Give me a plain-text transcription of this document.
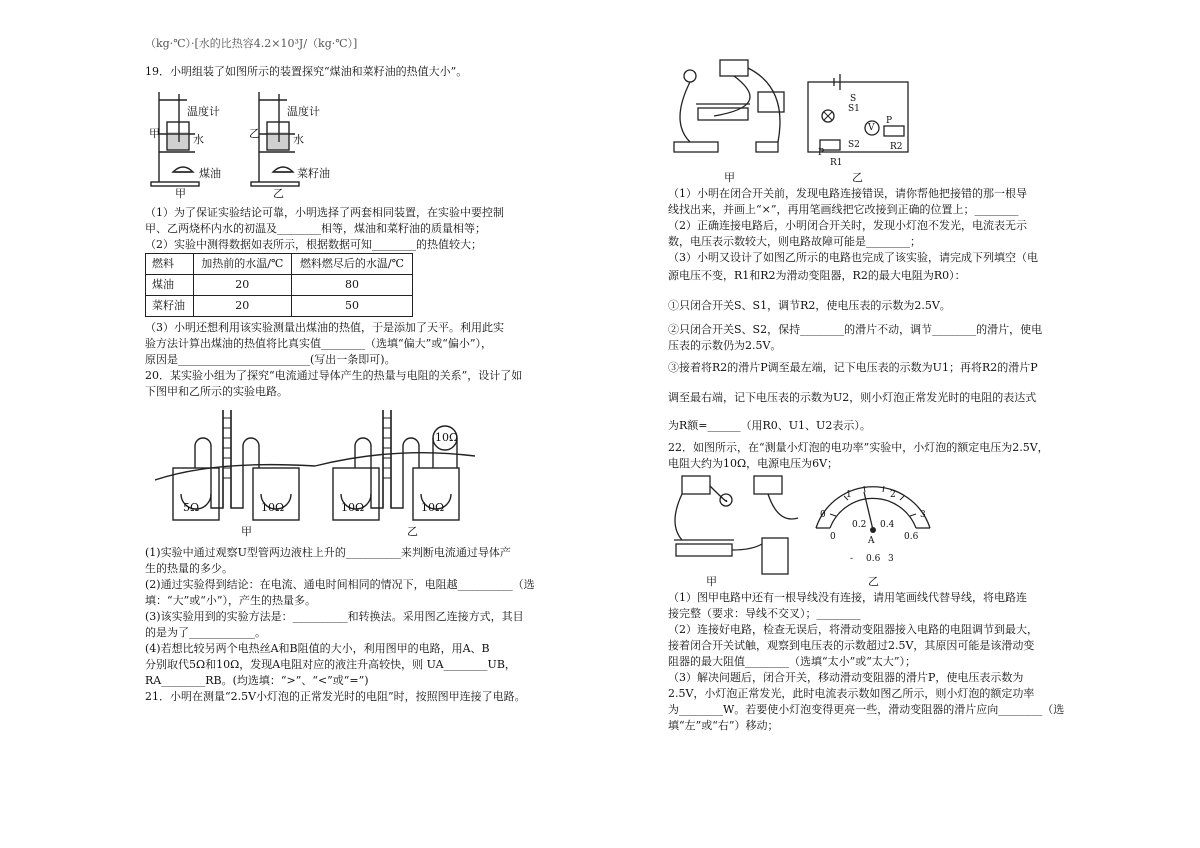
（kg·℃）·[水的比热容4.2×10³J/（kg·℃）]
19．小明组装了如图所示的装置探究“煤油和菜籽油的热值大小”。
温度计	温度计
甲	乙
水	水
煤油	菜籽油
甲	乙
（1）为了保证实验结论可靠，小明选择了两套相同装置，在实验中要控制
甲、乙两烧杯内水的初温及________相等，煤油和菜籽油的质量相等；
（2）实验中测得数据如表所示，根据数据可知________的热值较大；
燃料	加热前的水温/℃	燃料燃尽后的水温/℃
煤油	20	80
菜籽油	20	50
（3）小明还想利用该实验测量出煤油的热值，于是添加了天平。利用此实
验方法计算出煤油的热值将比真实值________（选填“偏大”或“偏小”），
原因是________________________(写出一条即可)。
20．某实验小组为了探究“电流通过导体产生的热量与电阻的关系”，设计了如
下图甲和乙所示的实验电路。
5Ω	10Ω	10Ω	10Ω
10Ω
甲	乙
(1)实验中通过观察U型管两边液柱上升的__________来判断电流通过导体产
生的热量的多少。
(2)通过实验得到结论：在电流、通电时间相同的情况下，电阻越__________（选
填：“大”或“小”），产生的热量多。
(3)该实验用到的实验方法是：__________和转换法。采用图乙连接方式，其目
的是为了____________。
(4)若想比较另两个电热丝A和B阻值的大小，利用图甲的电路，用A、B
分别取代5Ω和10Ω，发现A电阻对应的液注升高较快，则 UA________UB，
RA________RB。(均选填：“>”、“<”或“=”)
21．小明在测量“2.5V小灯泡的正常发光时的电阻”时，按照图甲连接了电路。
甲	乙
S
S1
S2
V
P
P
R1
R2
（1）小明在闭合开关前，发现电路连接错误，请你帮他把接错的那一根导
线找出来，并画上“×”，再用笔画线把它改接到正确的位置上；________
（2）正确连接电路后，小明闭合开关时，发现小灯泡不发光，电流表无示
数，电压表示数较大，则电路故障可能是________；
（3）小明又设计了如图乙所示的电路也完成了该实验，请完成下列填空（电
源电压不变，R1和R2为滑动变阻器，R2的最大电阻为R0）：
①只闭合开关S、S1，调节R2，使电压表的示数为2.5V。
②只闭合开关S、S2，保持________的滑片不动，调节________的滑片，使电
压表的示数仍为2.5V。
③接着将R2的滑片P调至最左端，记下电压表的示数为U1；再将R2的滑片P
调至最右端，记下电压表的示数为U2，则小灯泡正常发光时的电阻的表达式
为R额=______（用R0、U1、U2表示）。
22．如图所示，在“测量小灯泡的电功率”实验中，小灯泡的额定电压为2.5V，
电阻大约为10Ω，电源电压为6V；
0
1	2
3
0
0.2 0.4
0.6
A
- 0.6 3
甲	乙
（1）图甲电路中还有一根导线没有连接，请用笔画线代替导线，将电路连
接完整（要求：导线不交叉）；________
（2）连接好电路，检查无误后，将滑动变阻器接入电路的电阻调节到最大，
接着闭合开关试触，观察到电压表的示数超过2.5V，其原因可能是该滑动变
阻器的最大阻值________（选填“太小”或“太大”）；
（3）解决问题后，闭合开关，移动滑动变阻器的滑片P，使电压表示数为
2.5V，小灯泡正常发光，此时电流表示数如图乙所示，则小灯泡的额定功率
为________W。若要使小灯泡变得更亮一些，滑动变阻器的滑片应向________（选
填“左”或“右”）移动；
